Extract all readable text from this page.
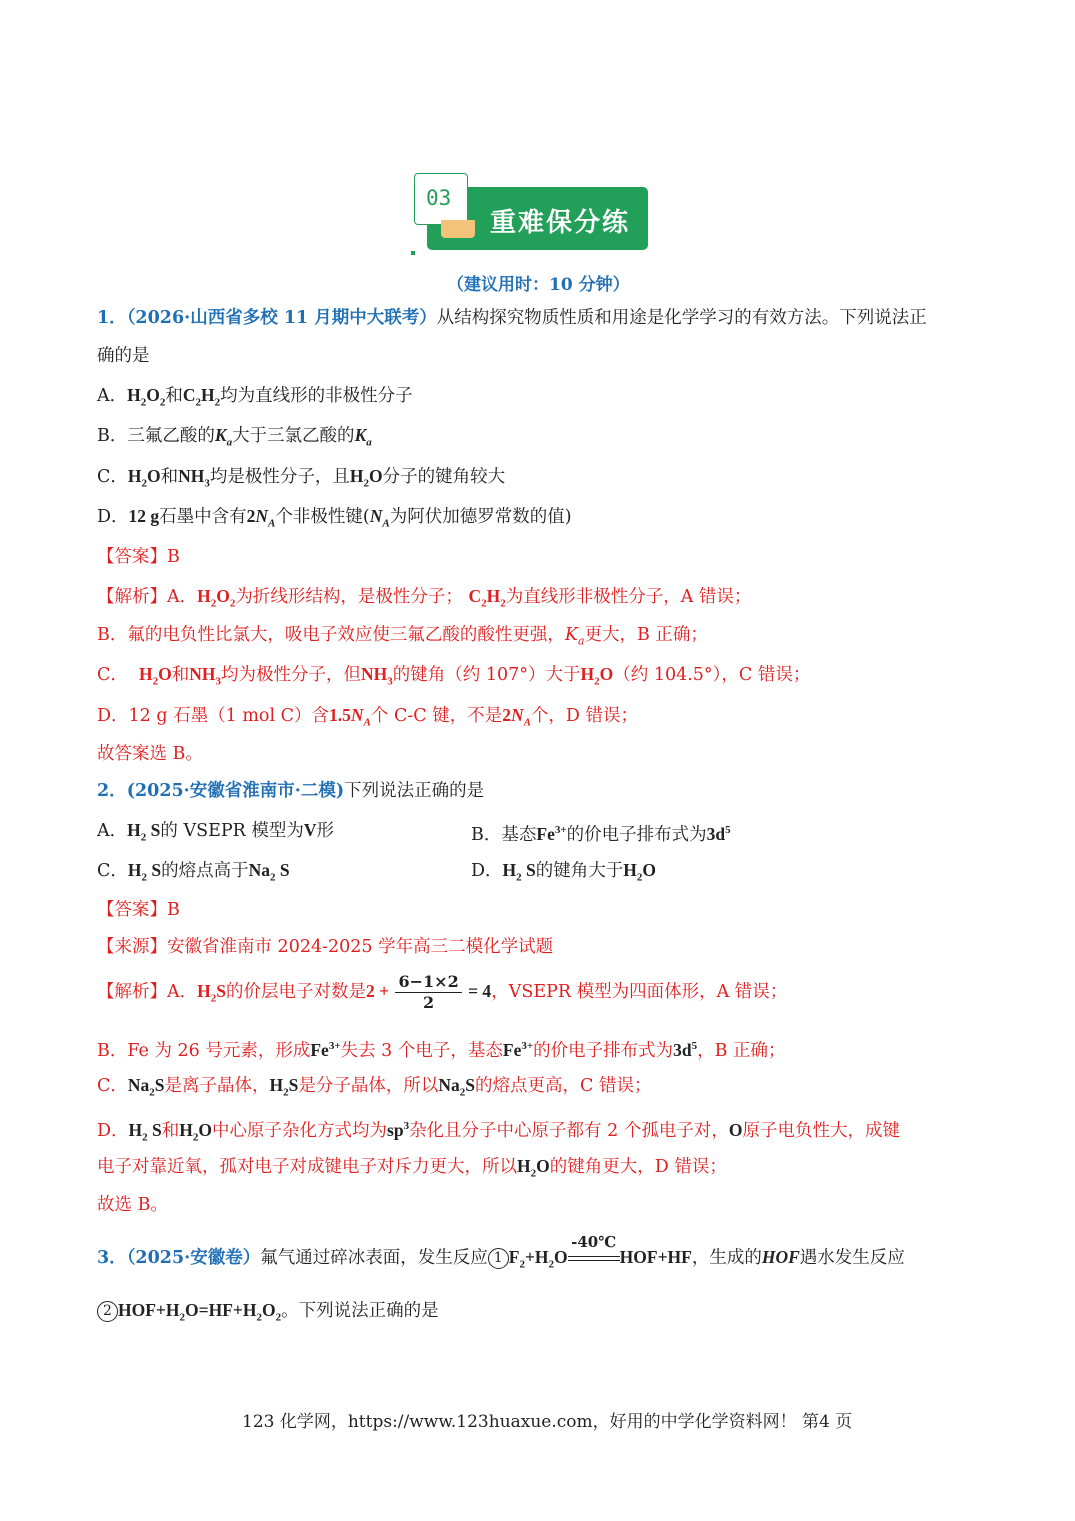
重难保分练
03
（建议用时：10 分钟）
1．（2026·山西省多校 11 月期中大联考）从结构探究物质性质和用途是化学学习的有效方法。下列说法正
确的是
A．$H_2O_2$和$C_2H_2$均为直线形的非极性分子
B．三氟乙酸的$K_a$大于三氯乙酸的$K_a$
C．$H_2O$和$NH_3$均是极性分子，且$H_2O$分子的键角较大
D．12 g石墨中含有$2N_A$个非极性键($N_A$为阿伏加德罗常数的值)
【答案】B
【解析】A．$H_2O_2$为折线形结构，是极性分子； $C_2H_2$为直线形非极性分子，A 错误；
B．氟的电负性比氯大，吸电子效应使三氟乙酸的酸性更强，$K_a$更大，B 正确；
C． $H_2O$和$NH_3$均为极性分子，但$NH_3$的键角（约 107°）大于$H_2O$（约 104.5°），C 错误；
D．12 g 石墨（1 mol C）含$1.5N_A$个 C-C 键，不是$2N_A$个，D 错误；
故答案选 B。
2．(2025·安徽省淮南市·二模)下列说法正确的是
A．$H_2$ S的 VSEPR 模型为V形	B．基态$Fe^{3+}$的价电子排布式为$3d^5$
C．$H_2$ S的熔点高于$Na_2$ S	D．$H_2$ S的键角大于$H_2O$
【答案】B
【来源】安徽省淮南市 2024-2025 学年高三二模化学试题
【解析】A．$H_2S$的价层电子对数是$2 + \frac{6-1\times 2}{2} = 4$，VSEPR 模型为四面体形，A 错误；
B．Fe 为 26 号元素，形成$Fe^{3+}$失去 3 个电子，基态$Fe^{3+}$的价电子排布式为$3d^5$，B 正确；
C．$Na_2S$是离子晶体，$H_2S$是分子晶体，所以$Na_2S$的熔点更高，C 错误；
D．$H_2$ S和$H_2O$中心原子杂化方式均为$sp^3$杂化且分子中心原子都有 2 个孤电子对，O原子电负性大，成键
电子对靠近氧，孤对电子对成键电子对斥力更大，所以$H_2O$的键角更大，D 错误；
故选 B。
3．（2025·安徽卷）氟气通过碎冰表面，发生反应 1 $F_2+H_2O$
-40℃
HOF+HF，生成的HOF遇水发生反应
2 $HOF+H_2O=HF+H_2O_2$。下列说法正确的是
123 化学网，https://www.123huaxue.com，好用的中学化学资料网！ 第4 页
